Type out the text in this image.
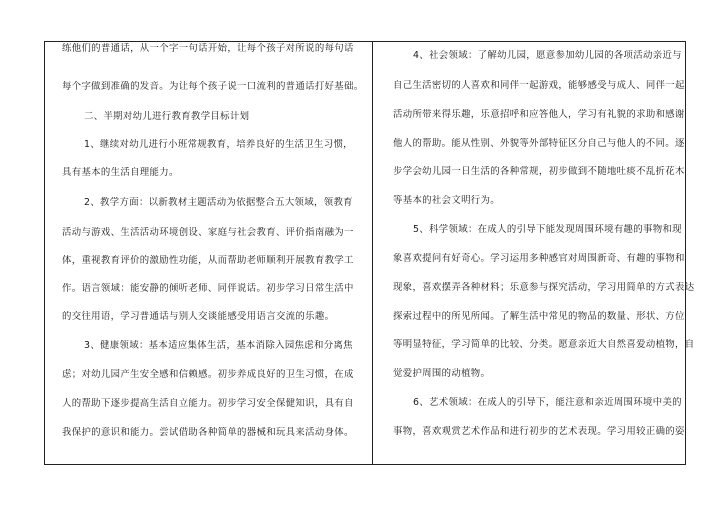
练他们的普通话，从一个字一句话开始，让每个孩子对所说的每句话
每个字做到准确的发音。为让每个孩子说一口流利的普通话打好基础。
二、半期对幼儿进行教育教学目标计划
1、继续对幼儿进行小班常规教育，培养良好的生活卫生习惯，
具有基本的生活自理能力。
2、教学方面：以新教材主题活动为依据整合五大领域，领教育
活动与游戏、生活活动环境创设、家庭与社会教育、评价指南融为一
体，重视教育评价的激励性功能，从而帮助老师顺利开展教育教学工
作。语言领域：能安静的倾听老师、同伴说话。初步学习日常生活中
的交往用语，学习普通话与别人交谈能感受用语言交流的乐趣。
3、健康领域：基本适应集体生活，基本消除入园焦虑和分离焦
虑；对幼儿园产生安全感和信赖感。初步养成良好的卫生习惯，在成
人的帮助下逐步提高生活自立能力。初步学习安全保健知识，具有自
我保护的意识和能力。尝试借助各种简单的器械和玩具来活动身体。
4、社会领域：了解幼儿园，愿意参加幼儿园的各项活动亲近与
自己生活密切的人喜欢和同伴一起游戏，能够感受与成人、同伴一起
活动所带来得乐趣，乐意招呼和应答他人，学习有礼貌的求助和感谢
他人的帮助。能从性别、外貌等外部特征区分自己与他人的不同。逐
步学会幼儿园一日生活的各种常规，初步做到不随地吐痰不乱折花木
等基本的社会文明行为。
5、科学领域：在成人的引导下能发现周围环境有趣的事物和现
象喜欢提问有好奇心。学习运用多种感官对周围新奇、有趣的事物和
现象，喜欢摆弄各种材料；乐意参与探究活动，学习用简单的方式表达
探索过程中的所见所闻。了解生活中常见的物品的数量、形状、方位
等明显特征，学习简单的比较、分类。愿意亲近大自然喜爱动植物，自
觉爱护周围的动植物。
6、艺术领域：在成人的引导下，能注意和亲近周围环境中美的
事物，喜欢观赏艺术作品和进行初步的艺术表现。学习用较正确的姿
